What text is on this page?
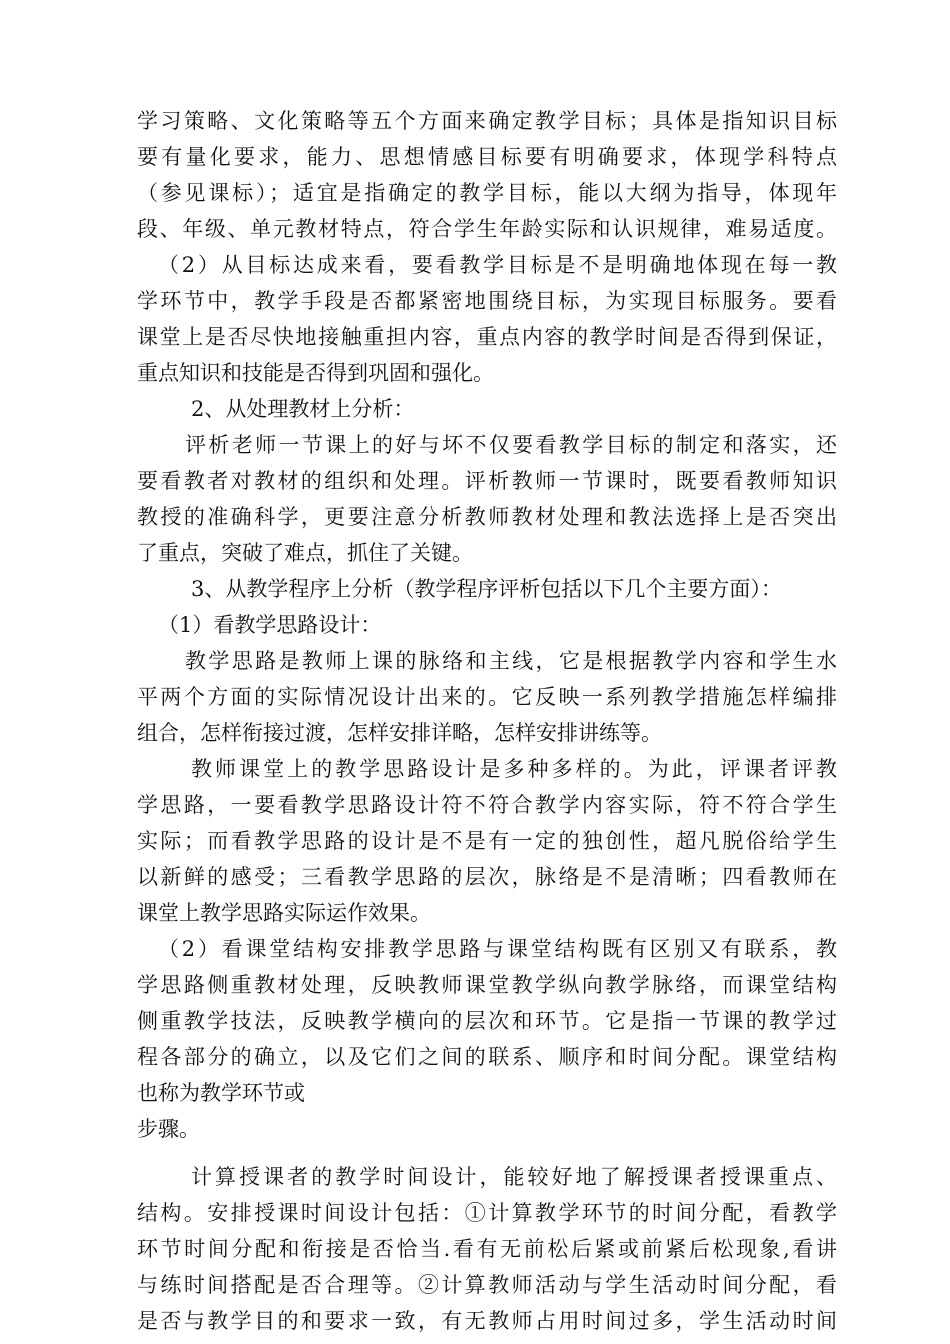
学习策略、文化策略等五个方面来确定教学目标；具体是指知识目标
要有量化要求，能力、思想情感目标要有明确要求，体现学科特点
（参见课标）；适宜是指确定的教学目标，能以大纲为指导，体现年
段、年级、单元教材特点，符合学生年龄实际和认识规律，难易适度。
（2）从目标达成来看，要看教学目标是不是明确地体现在每一教
学环节中，教学手段是否都紧密地围绕目标，为实现目标服务。要看
课堂上是否尽快地接触重担内容，重点内容的教学时间是否得到保证，
重点知识和技能是否得到巩固和强化。
2、从处理教材上分析：
评析老师一节课上的好与坏不仅要看教学目标的制定和落实，还
要看教者对教材的组织和处理。评析教师一节课时，既要看教师知识
教授的准确科学，更要注意分析教师教材处理和教法选择上是否突出
了重点，突破了难点，抓住了关键。
3、从教学程序上分析（教学程序评析包括以下几个主要方面）：
（1）看教学思路设计：
教学思路是教师上课的脉络和主线，它是根据教学内容和学生水
平两个方面的实际情况设计出来的。它反映一系列教学措施怎样编排
组合，怎样衔接过渡，怎样安排详略，怎样安排讲练等。
教师课堂上的教学思路设计是多种多样的。为此，评课者评教
学思路，一要看教学思路设计符不符合教学内容实际，符不符合学生
实际；而看教学思路的设计是不是有一定的独创性，超凡脱俗给学生
以新鲜的感受；三看教学思路的层次，脉络是不是清晰；四看教师在
课堂上教学思路实际运作效果。
（2）看课堂结构安排教学思路与课堂结构既有区别又有联系，教
学思路侧重教材处理，反映教师课堂教学纵向教学脉络，而课堂结构
侧重教学技法，反映教学横向的层次和环节。它是指一节课的教学过
程各部分的确立，以及它们之间的联系、顺序和时间分配。课堂结构
也称为教学环节或
步骤。
计算授课者的教学时间设计，能较好地了解授课者授课重点、
结构。安排授课时间设计包括：①计算教学环节的时间分配，看教学
环节时间分配和衔接是否恰当.看有无前松后紧或前紧后松现象,看讲
与练时间搭配是否合理等。②计算教师活动与学生活动时间分配，看
是否与教学目的和要求一致，有无教师占用时间过多，学生活动时间
